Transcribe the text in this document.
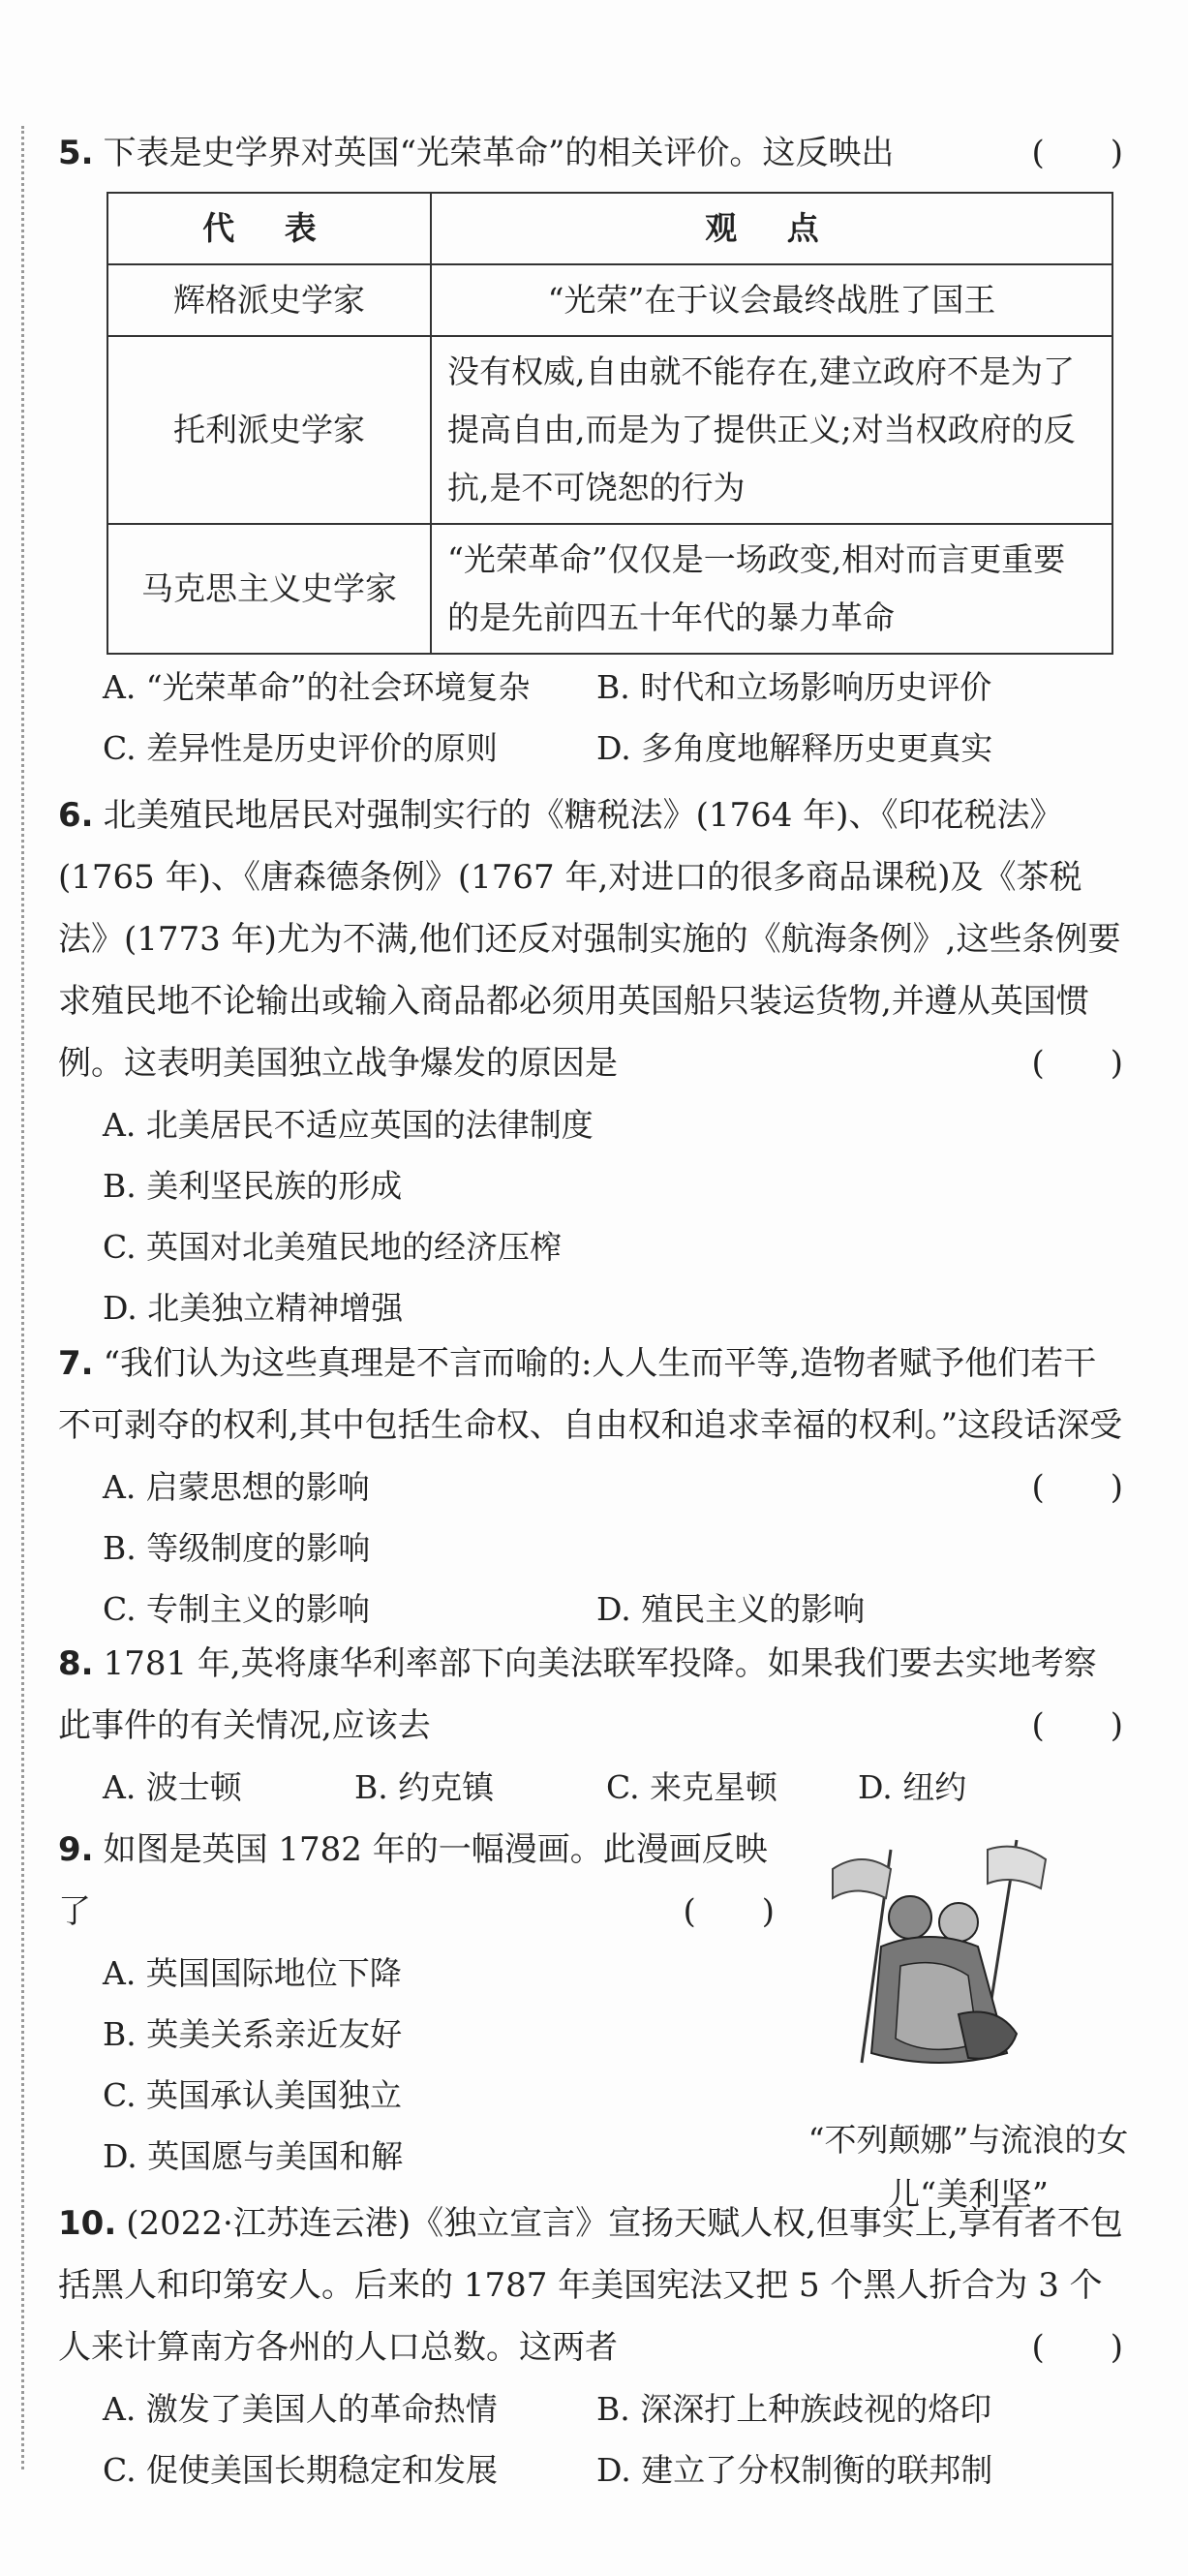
5. 下表是史学界对英国“光荣革命”的相关评价。这反映出	(　　)
代 表	观 点
辉格派史学家	“光荣”在于议会最终战胜了国王
托利派史学家	没有权威,自由就不能存在,建立政府不是为了提高自由,而是为了提供正义;对当权政府的反抗,是不可饶恕的行为
马克思主义史学家	“光荣革命”仅仅是一场政变,相对而言更重要的是先前四五十年代的暴力革命
A. “光荣革命”的社会环境复杂 B. 时代和立场影响历史评价
C. 差异性是历史评价的原则	D. 多角度地解释历史更真实
6. 北美殖民地居民对强制实行的《糖税法》(1764 年)、《印花税法》(1765 年)、《唐森德条例》(1767 年,对进口的很多商品课税)及《茶税法》(1773 年)尤为不满,他们还反对强制实施的《航海条例》,这些条例要求殖民地不论输出或输入商品都必须用英国船只装运货物,并遵从英国惯例。这表明美国独立战争爆发的原因是	(　　)
A. 北美居民不适应英国的法律制度
B. 美利坚民族的形成
C. 英国对北美殖民地的经济压榨
D. 北美独立精神增强
7. “我们认为这些真理是不言而喻的:人人生而平等,造物者赋予他们若干不可剥夺的权利,其中包括生命权、自由权和追求幸福的权利。”这段话深受
(　　)
A. 启蒙思想的影响B. 等级制度的影响
C. 专制主义的影响	D. 殖民主义的影响
8. 1781 年,英将康华利率部下向美法联军投降。如果我们要去实地考察此事件的有关情况,应该去	(　　)
A. 波士顿	B. 约克镇	C. 来克星顿	D. 纽约
9. 如图是英国 1782 年的一幅漫画。此漫画反映了	(　　)
A. 英国国际地位下降
B. 英美关系亲近友好
C. 英国承认美国独立
D. 英国愿与美国和解	“不列颠娜”与流浪的女儿“美利坚”
10. (2022·江苏连云港)《独立宣言》宣扬天赋人权,但事实上,享有者不包括黑人和印第安人。后来的 1787 年美国宪法又把 5 个黑人折合为 3 个人来计算南方各州的人口总数。这两者	(　　)
A. 激发了美国人的革命热情	B. 深深打上种族歧视的烙印
C. 促使美国长期稳定和发展	D. 建立了分权制衡的联邦制
